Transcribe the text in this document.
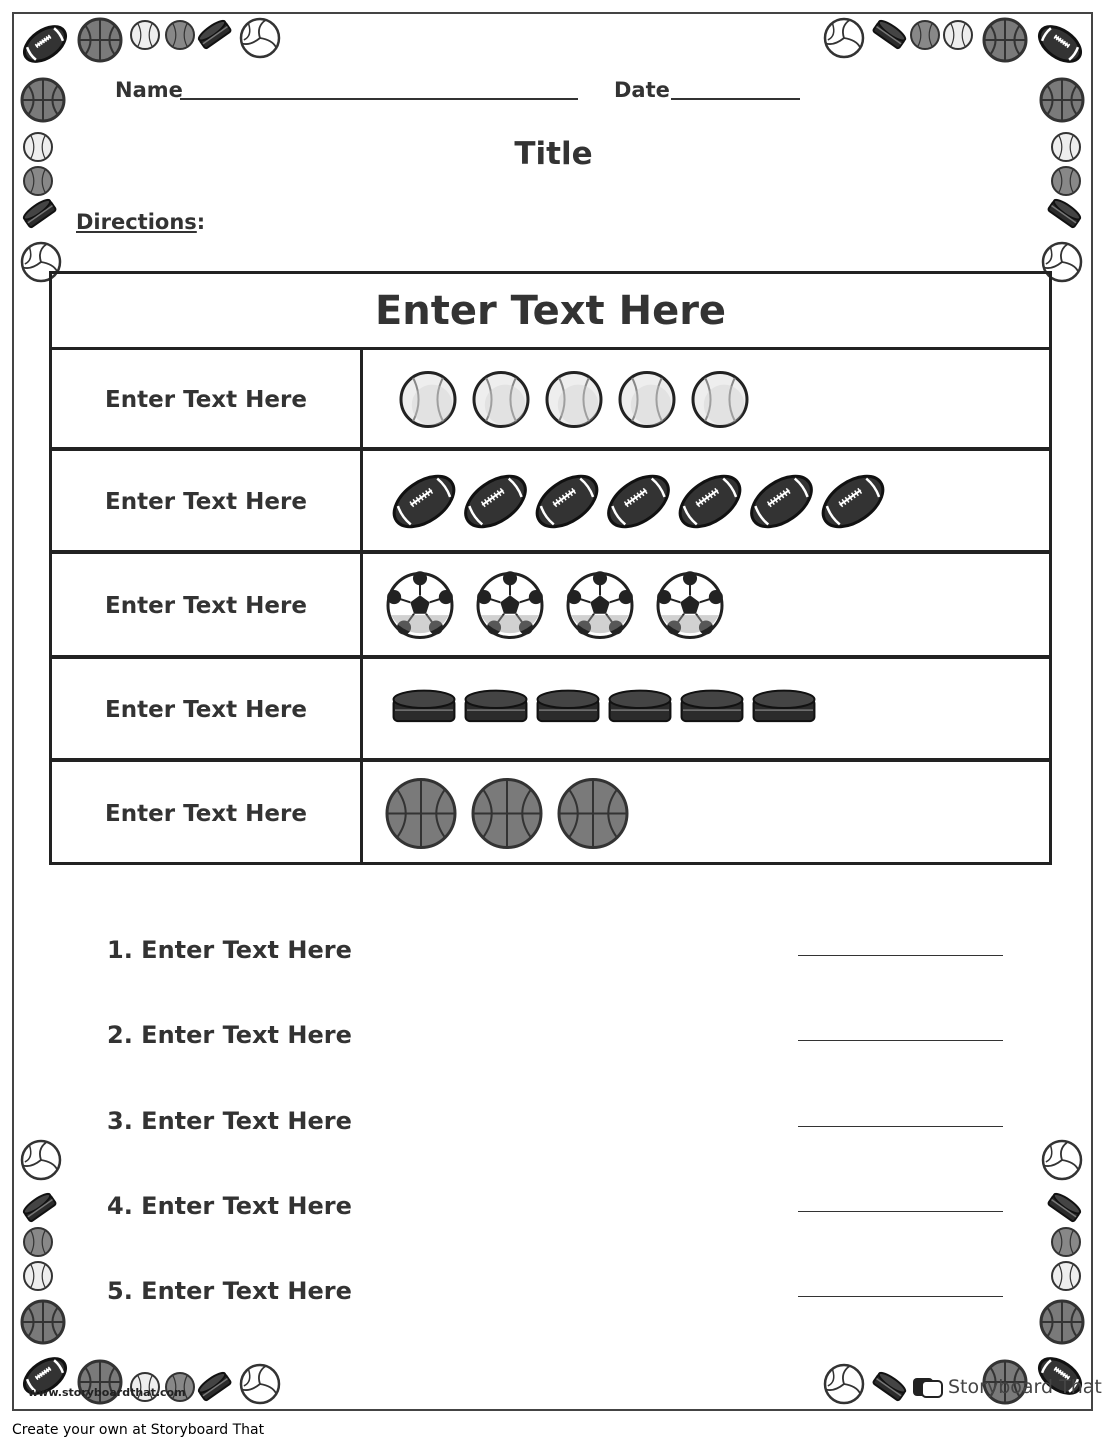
Name	Date
Title
Directions:
Enter Text Here
Enter Text Here
Enter Text Here
Enter Text Here
Enter Text Here
Enter Text Here
1. Enter Text Here
2. Enter Text Here
3. Enter Text Here
4. Enter Text Here
5. Enter Text Here
www.storyboardthat.com	Storyboard That
Create your own at Storyboard That
